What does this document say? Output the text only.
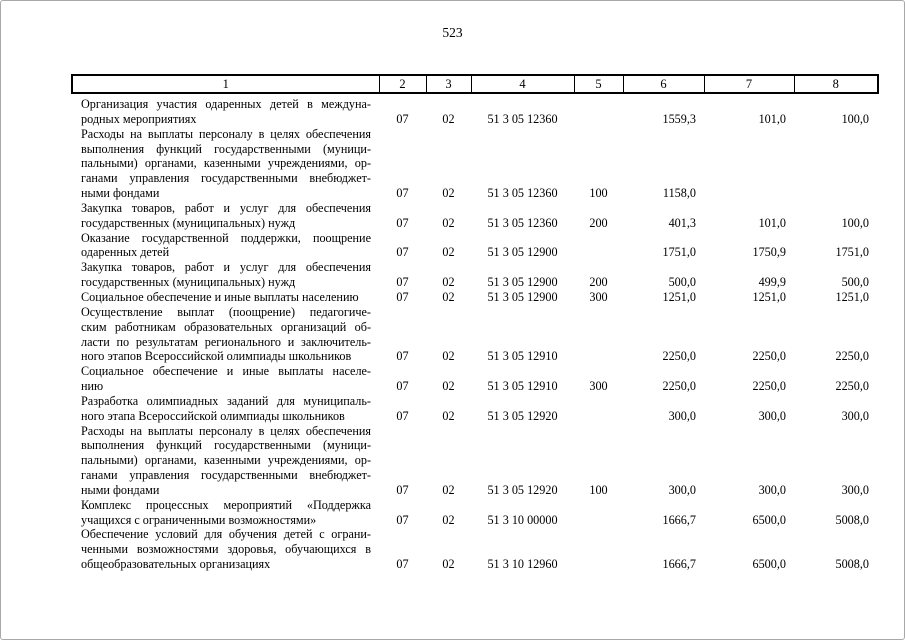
523
1	2	3	4	5	6	7	8

Организация участия одаренных детей в междуна-
родных мероприятиях	07	02	51 3 05 12360		1559,3	101,0	100,0

Расходы на выплаты персоналу в целях обеспечения
выполнения функций государственными (муници-
пальными) органами, казенными учреждениями, ор-
ганами управления государственными внебюджет-
ными фондами	07	02	51 3 05 12360	100	1158,0		

Закупка товаров, работ и услуг для обеспечения
государственных (муниципальных) нужд	07	02	51 3 05 12360	200	401,3	101,0	100,0

Оказание государственной поддержки, поощрение
одаренных детей	07	02	51 3 05 12900		1751,0	1750,9	1751,0

Закупка товаров, работ и услуг для обеспечения
государственных (муниципальных) нужд	07	02	51 3 05 12900	200	500,0	499,9	500,0

Социальное обеспечение и иные выплаты населению	07	02	51 3 05 12900	300	1251,0	1251,0	1251,0

Осуществление выплат (поощрение) педагогиче-
ским работникам образовательных организаций об-
ласти по результатам регионального и заключитель-
ного этапов Всероссийской олимпиады школьников	07	02	51 3 05 12910		2250,0	2250,0	2250,0

Социальное обеспечение и иные выплаты населе-
нию	07	02	51 3 05 12910	300	2250,0	2250,0	2250,0

Разработка олимпиадных заданий для муниципаль-
ного этапа Всероссийской олимпиады школьников	07	02	51 3 05 12920		300,0	300,0	300,0

Расходы на выплаты персоналу в целях обеспечения
выполнения функций государственными (муници-
пальными) органами, казенными учреждениями, ор-
ганами управления государственными внебюджет-
ными фондами	07	02	51 3 05 12920	100	300,0	300,0	300,0

Комплекс процессных мероприятий «Поддержка
учащихся с ограниченными возможностями»	07	02	51 3 10 00000		1666,7	6500,0	5008,0

Обеспечение условий для обучения детей с ограни-
ченными возможностями здоровья, обучающихся в
общеобразовательных организациях	07	02	51 3 10 12960		1666,7	6500,0	5008,0
